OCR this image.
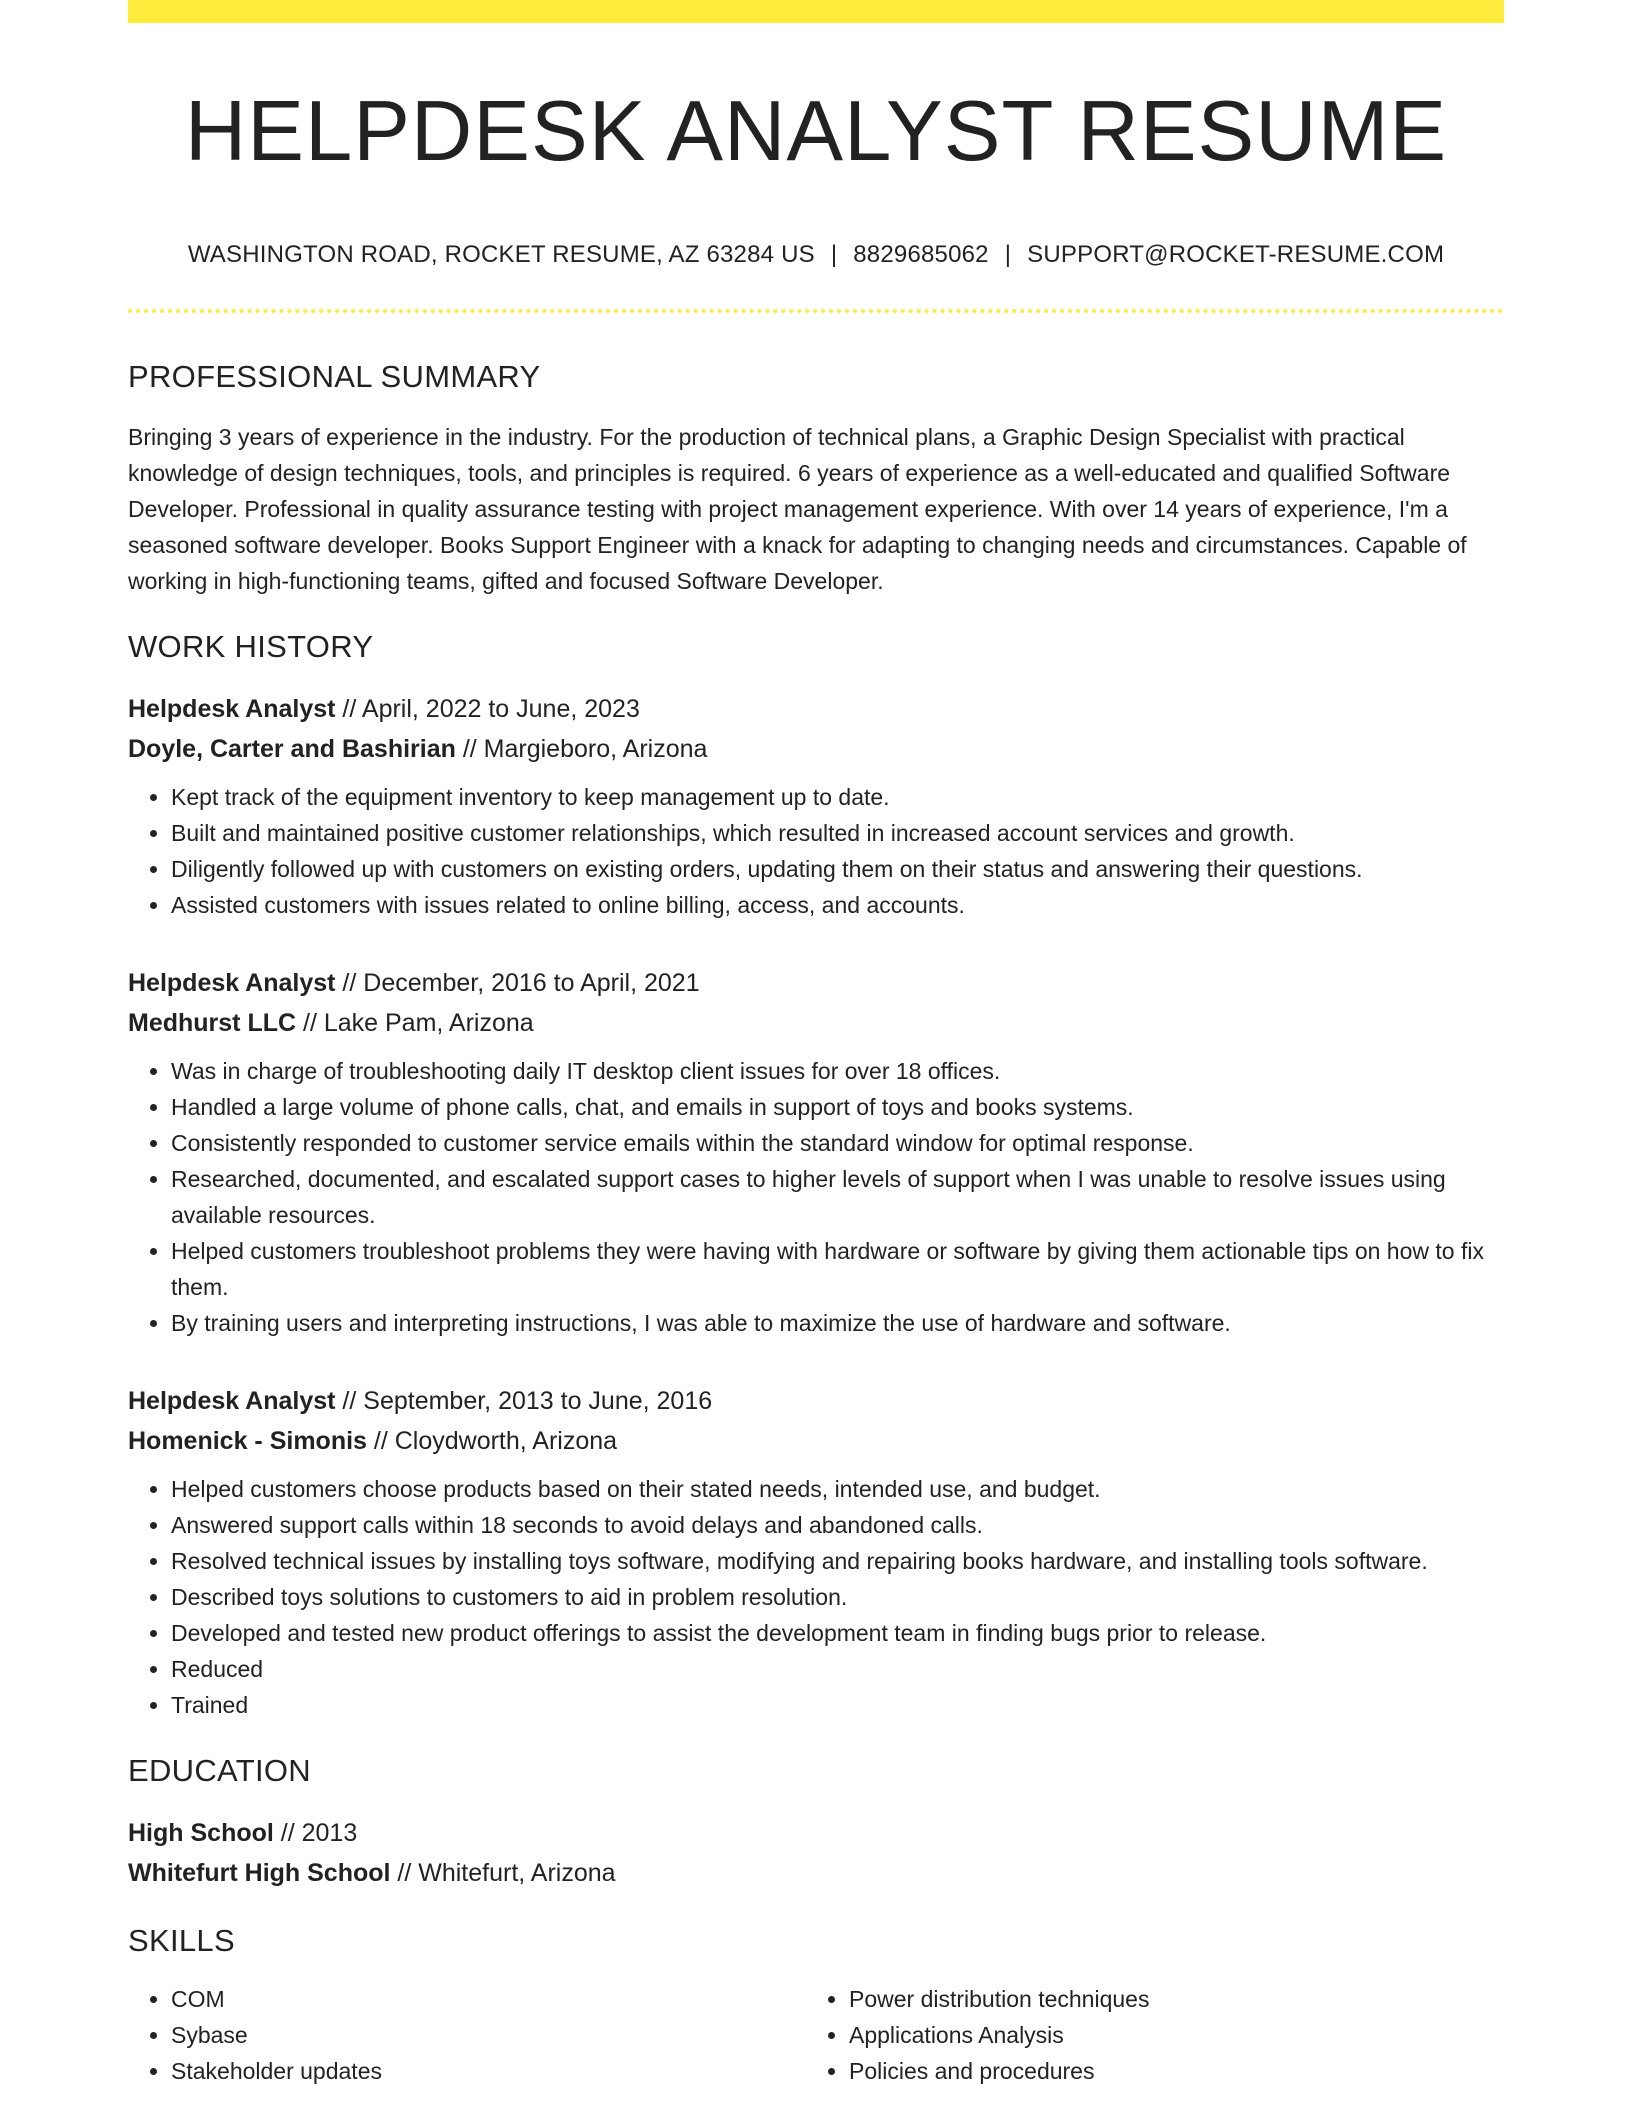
HELPDESK ANALYST RESUME
WASHINGTON ROAD, ROCKET RESUME, AZ 63284 US | 8829685062 | SUPPORT@ROCKET-RESUME.COM
PROFESSIONAL SUMMARY
Bringing 3 years of experience in the industry. For the production of technical plans, a Graphic Design Specialist with practical knowledge of design techniques, tools, and principles is required. 6 years of experience as a well-educated and qualified Software Developer. Professional in quality assurance testing with project management experience. With over 14 years of experience, I'm a seasoned software developer. Books Support Engineer with a knack for adapting to changing needs and circumstances. Capable of working in high-functioning teams, gifted and focused Software Developer.
WORK HISTORY
Helpdesk Analyst // April, 2022 to June, 2023
Doyle, Carter and Bashirian // Margieboro, Arizona
• Kept track of the equipment inventory to keep management up to date.
• Built and maintained positive customer relationships, which resulted in increased account services and growth.
• Diligently followed up with customers on existing orders, updating them on their status and answering their questions.
• Assisted customers with issues related to online billing, access, and accounts.
Helpdesk Analyst // December, 2016 to April, 2021
Medhurst LLC // Lake Pam, Arizona
• Was in charge of troubleshooting daily IT desktop client issues for over 18 offices.
• Handled a large volume of phone calls, chat, and emails in support of toys and books systems.
• Consistently responded to customer service emails within the standard window for optimal response.
• Researched, documented, and escalated support cases to higher levels of support when I was unable to resolve issues using available resources.
• Helped customers troubleshoot problems they were having with hardware or software by giving them actionable tips on how to fix them.
• By training users and interpreting instructions, I was able to maximize the use of hardware and software.
Helpdesk Analyst // September, 2013 to June, 2016
Homenick - Simonis // Cloydworth, Arizona
• Helped customers choose products based on their stated needs, intended use, and budget.
• Answered support calls within 18 seconds to avoid delays and abandoned calls.
• Resolved technical issues by installing toys software, modifying and repairing books hardware, and installing tools software.
• Described toys solutions to customers to aid in problem resolution.
• Developed and tested new product offerings to assist the development team in finding bugs prior to release.
• Reduced
• Trained
EDUCATION
High School // 2013
Whitefurt High School // Whitefurt, Arizona
SKILLS
• COM
• Sybase
• Stakeholder updates
• Power distribution techniques
• Applications Analysis
• Policies and procedures
